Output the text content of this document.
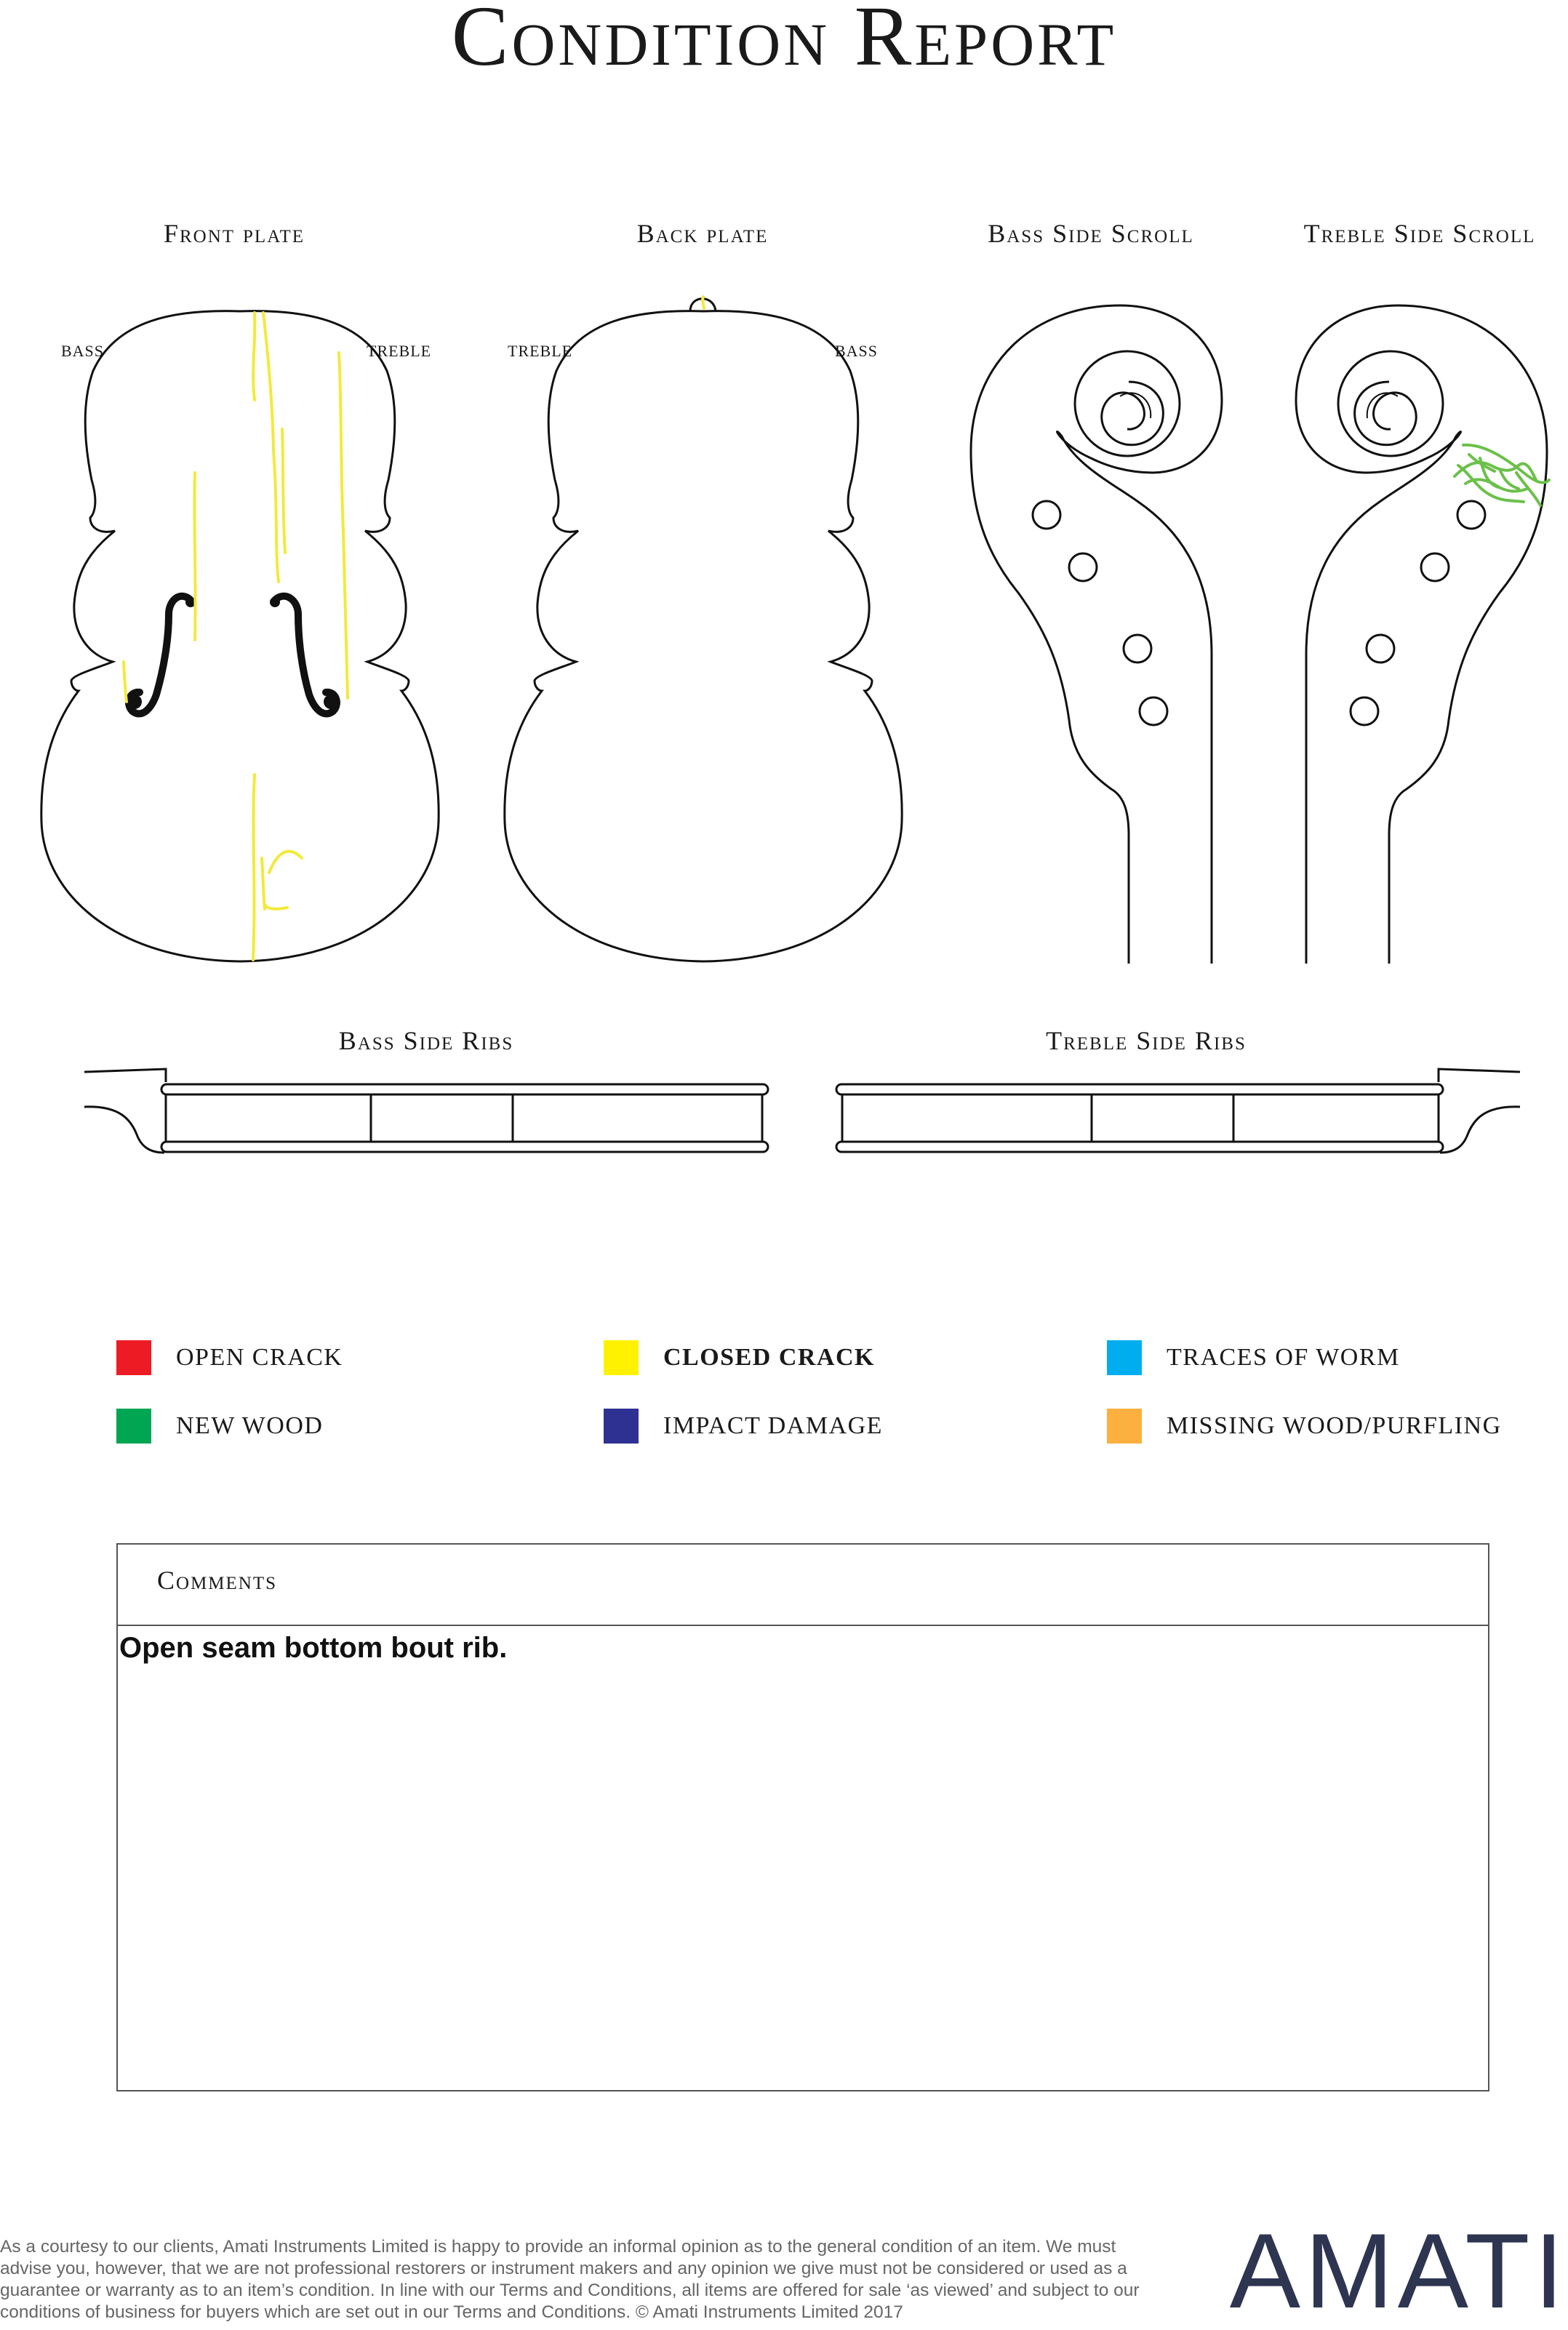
Condition Report
Front plate	Back plate	Bass Side Scroll	Treble Side Scroll
Bass Side Ribs	Treble Side Ribs
BASS	TREBLE	TREBLE	BASS
OPEN CRACK	CLOSED CRACK	TRACES OF WORM
NEW WOOD	IMPACT DAMAGE	MISSING WOOD/PURFLING
Comments
Open seam bottom bout rib.
As a courtesy to our clients, Amati Instruments Limited is happy to provide an informal opinion as to the general condition of an item. We must advise you, however, that we are not professional restorers or instrument makers and any opinion we give must not be considered or used as a guarantee or warranty as to an item’s condition. In line with our Terms and Conditions, all items are offered for sale ‘as viewed’ and subject to our conditions of business for buyers which are set out in our Terms and Conditions. © Amati Instruments Limited 2017	AMATI
